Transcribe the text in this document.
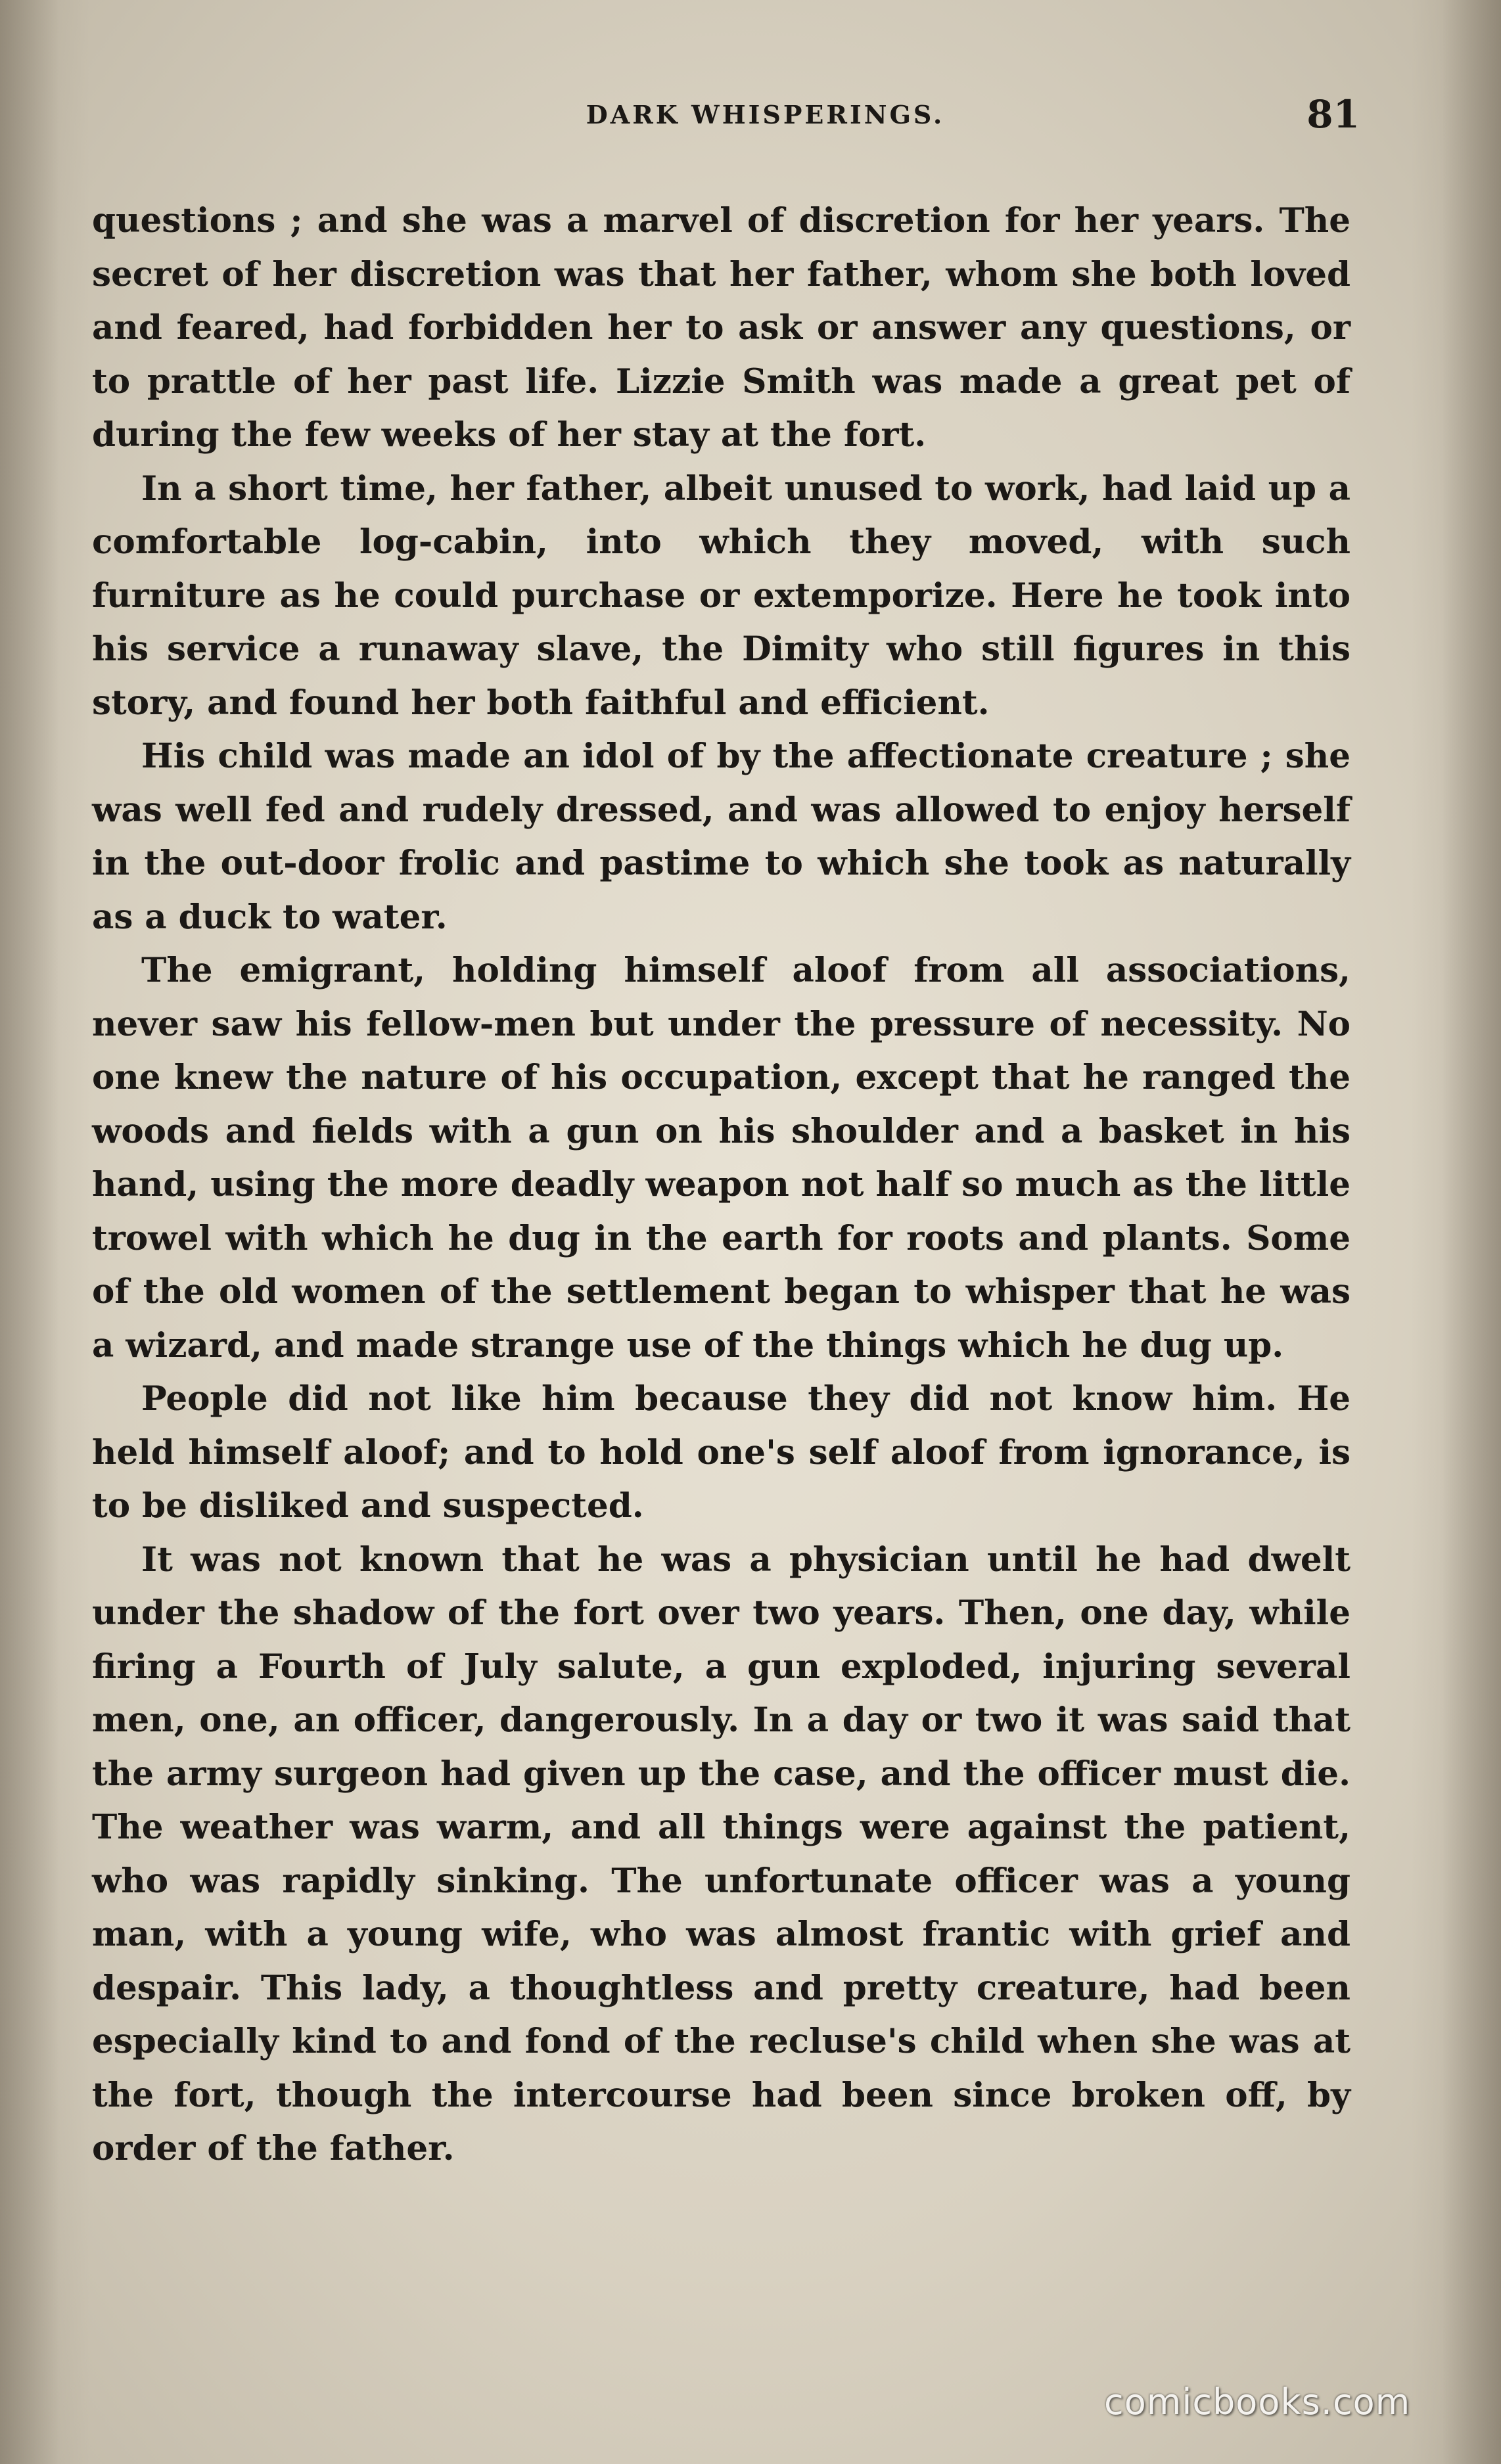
DARK WHISPERINGS.	81

questions ; and she was a marvel of discretion for her years. The secret of her discretion was that her father, whom she both loved and feared, had forbidden her to ask or answer any questions, or to prattle of her past life. Lizzie Smith was made a great pet of during the few weeks of her stay at the fort.

In a short time, her father, albeit unused to work, had laid up a comfortable log-cabin, into which they moved, with such furniture as he could purchase or extemporize. Here he took into his service a runaway slave, the Dimity who still figures in this story, and found her both faithful and efficient.

His child was made an idol of by the affectionate creature ; she was well fed and rudely dressed, and was allowed to enjoy herself in the out-door frolic and pastime to which she took as naturally as a duck to water.

The emigrant, holding himself aloof from all associations, never saw his fellow-men but under the pressure of necessity. No one knew the nature of his occupation, except that he ranged the woods and fields with a gun on his shoulder and a basket in his hand, using the more deadly weapon not half so much as the little trowel with which he dug in the earth for roots and plants. Some of the old women of the settlement began to whisper that he was a wizard, and made strange use of the things which he dug up.

People did not like him because they did not know him. He held himself aloof; and to hold one's self aloof from ignorance, is to be disliked and suspected.

It was not known that he was a physician until he had dwelt under the shadow of the fort over two years. Then, one day, while firing a Fourth of July salute, a gun exploded, injuring several men, one, an officer, dangerously. In a day or two it was said that the army surgeon had given up the case, and the officer must die. The weather was warm, and all things were against the patient, who was rapidly sinking. The unfortunate officer was a young man, with a young wife, who was almost frantic with grief and despair. This lady, a thoughtless and pretty creature, had been especially kind to and fond of the recluse's child when she was at the fort, though the intercourse had been since broken off, by order of the father.

comicbooks.com
